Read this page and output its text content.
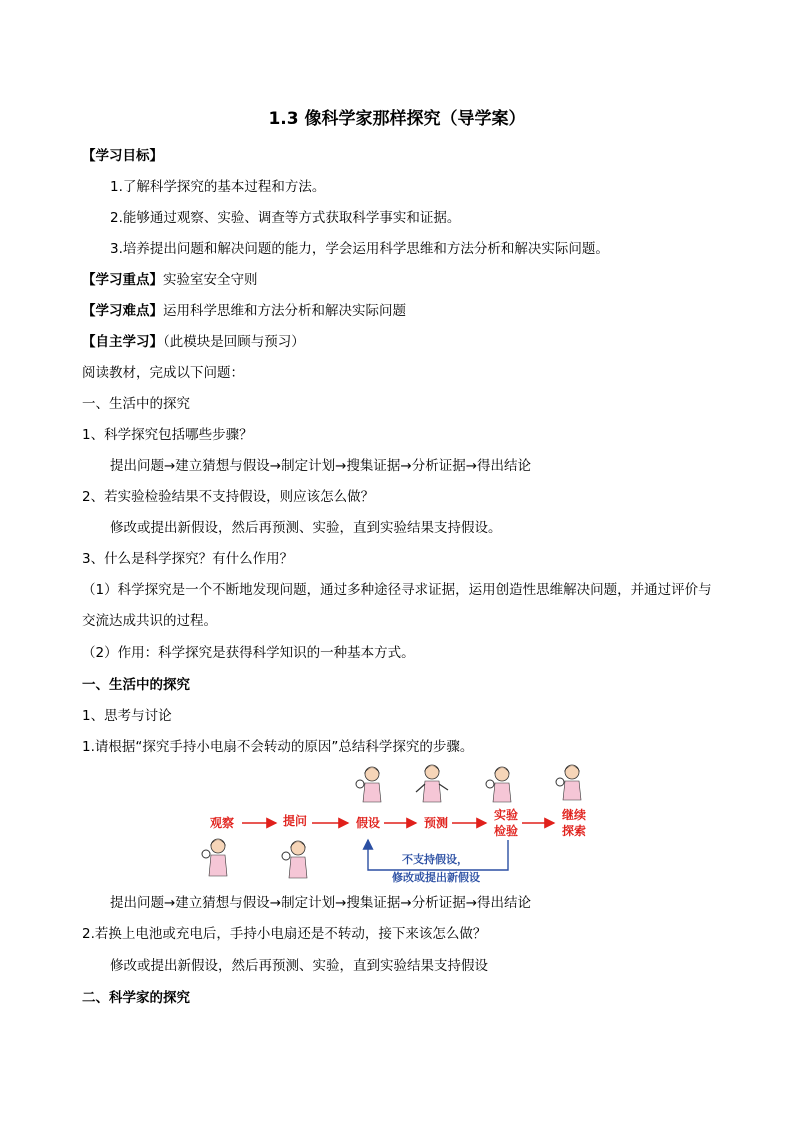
1.3 像科学家那样探究（导学案）
【学习目标】
1.了解科学探究的基本过程和方法。
2.能够通过观察、实验、调查等方式获取科学事实和证据。
3.培养提出问题和解决问题的能力，学会运用科学思维和方法分析和解决实际问题。
【学习重点】实验室安全守则
【学习难点】运用科学思维和方法分析和解决实际问题
【自主学习】（此模块是回顾与预习）
阅读教材，完成以下问题：
一、生活中的探究
1、科学探究包括哪些步骤？
提出问题→建立猜想与假设→制定计划→搜集证据→分析证据→得出结论
2、若实验检验结果不支持假设，则应该怎么做？
修改或提出新假设，然后再预测、实验，直到实验结果支持假设。
3、什么是科学探究？有什么作用？
（1）科学探究是一个不断地发现问题，通过多种途径寻求证据，运用创造性思维解决问题，并通过评价与交流达成共识的过程。
（2）作用：科学探究是获得科学知识的一种基本方式。
一、生活中的探究
1、思考与讨论
1.请根据“探究手持小电扇不会转动的原因”总结科学探究的步骤。
观察	提问	假设	预测
实验
检验
继续
探索
不支持假设，
修改或提出新假设
提出问题→建立猜想与假设→制定计划→搜集证据→分析证据→得出结论
2.若换上电池或充电后，手持小电扇还是不转动，接下来该怎么做？
修改或提出新假设，然后再预测、实验，直到实验结果支持假设
二、科学家的探究
